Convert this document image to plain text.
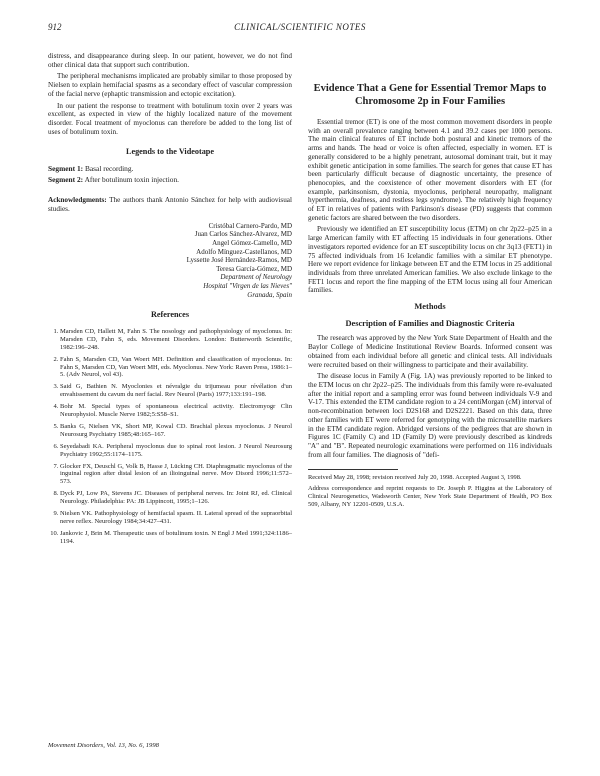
912	CLINICAL/SCIENTIFIC NOTES

distress, and disappearance during sleep. In our patient, however, we do not find other clinical data that support such contribution.

The peripheral mechanisms implicated are probably similar to those proposed by Nielsen to explain hemifacial spasms as a secondary effect of vascular compression of the facial nerve (ephaptic transmission and ectopic excitation).

In our patient the response to treatment with botulinum toxin over 2 years was excellent, as expected in view of the highly localized nature of the movement disorder. Focal treatment of myoclonus can therefore be added to the long list of uses of botulinum toxin.

Legends to the Videotape
Segment 1: Basal recording.
Segment 2: After botulinum toxin injection.

Acknowledgments: The authors thank Antonio Sánchez for help with audiovisual studies.

Cristóbal Carnero-Pardo, MD
Juan Carlos Sánchez-Alvarez, MD
Angel Gómez-Camello, MD
Adolfo Mínguez-Castellanos, MD
Lyssette José Hernández-Ramos, MD
Teresa García-Gómez, MD
Department of Neurology
Hospital "Virgen de las Nieves"
Granada, Spain
References
1. Marsden CD, Hallett M, Fahn S. The nosology and pathophysiology of myoclonus. In: Marsden CD, Fahn S, eds. Movement Disorders. London: Butterworth Scientific, 1982:196–248.
2. Fahn S, Marsden CD, Van Woert MH. Definition and classification of myoclonus. In: Fahn S, Marsden CD, Van Woert MH, eds. Myoclonus. New York: Raven Press, 1986:1–5. (Adv Neurol, vol 43).
3. Said G, Bathien N. Myoclonies et névralgie du trijumeau pour révélation d'un envahissement du cavum du nerf facial. Rev Neurol (Paris) 1977;133:191–198.
4. Bohr M. Special types of spontaneous electrical activity. Electromyogr Clin Neurophysiol. Muscle Nerve 1982;5:S58–S1.
5. Banks G, Nielsen VK, Short MP, Kowal CD. Brachial plexus myoclonus. J Neurol Neurosurg Psychiatry 1985;48:165–167.
6. Seyedabadi KA. Peripheral myoclonus due to spinal root lesion. J Neurol Neurosurg Psychiatry 1992;55:1174–1175.
7. Glocker FX, Deuschl G, Volk B, Hasse J, Lücking CH. Diaphragmatic myoclonus of the inguinal region after distal lesion of an ilioinguinal nerve. Mov Disord 1996;11:572–573.
8. Dyck PJ, Low PA, Stevens JC. Diseases of peripheral nerves. In: Joint RJ, ed. Clinical Neurology. Philadelphia: PA: JB Lippincott, 1995;1–126.
9. Nielsen VK. Pathophysiology of hemifacial spasm. II. Lateral spread of the supraorbital nerve reflex. Neurology 1984;34:427–431.
10. Jankovic J, Brin M. Therapeutic uses of botulinum toxin. N Engl J Med 1991;324:1186–1194.
Evidence That a Gene for Essential Tremor Maps to Chromosome 2p in Four Families

Essential tremor (ET) is one of the most common movement disorders in people with an overall prevalence ranging between 4.1 and 39.2 cases per 1000 persons. The main clinical features of ET include both postural and kinetic tremors of the arms and hands. The head or voice is often affected, especially in women. ET is generally considered to be a highly penetrant, autosomal dominant trait, but it may exhibit genetic anticipation in some families. The search for genes that cause ET has been particularly difficult because of diagnostic uncertainty, the presence of phenocopies, and the coexistence of other movement disorders with ET (for example, parkinsonism, dystonia, myoclonus, peripheral neuropathy, malignant hyperthermia, deafness, and restless legs syndrome). The relatively high frequency of ET in relatives of patients with Parkinson's disease (PD) suggests that common genetic factors are shared between the two disorders.

Previously we identified an ET susceptibility locus (ETM) on chr 2p22–p25 in a large American family with ET affecting 15 individuals in four generations. Other investigators reported evidence for an ET susceptibility locus on chr 3q13 (FET1) in 75 affected individuals from 16 Icelandic families with a similar ET phenotype. Here we report evidence for linkage between ET and the ETM locus in 25 additional individuals from three unrelated American families. We also exclude linkage to the FET1 locus and report the fine mapping of the ETM locus using all four American families.

Methods
Description of Families and Diagnostic Criteria

The research was approved by the New York State Department of Health and the Baylor College of Medicine Institutional Review Boards. Informed consent was obtained from each individual before all genetic and clinical tests. All individuals were recruited based on their willingness to participate and their availability.

The disease locus in Family A (Fig. 1A) was previously reported to be linked to the ETM locus on chr 2p22–p25. The individuals from this family were re-evaluated after the initial report and a sampling error was found between individuals V-9 and V-17. This extended the ETM candidate region to a 24 centiMorgan (cM) interval of non-recombination between loci D2S168 and D2S2221. Based on this data, three other families with ET were referred for genotyping with the microsatellite markers in the ETM candidate region. Abridged versions of the pedigrees that are shown in Figures 1C (Family C) and 1D (Family D) were previously described as kindreds "A" and "B". Repeated neurologic examinations were performed on 116 individuals from all four families. The diagnosis of "defi-

Received May 28, 1998; revision received July 20, 1998. Accepted August 3, 1998.

Address correspondence and reprint requests to Dr. Joseph P. Higgins at the Laboratory of Clinical Neurogenetics, Wadsworth Center, New York State Department of Health, PO Box 509, Albany, NY 12201-0509, U.S.A.

Movement Disorders, Vol. 13, No. 6, 1998
